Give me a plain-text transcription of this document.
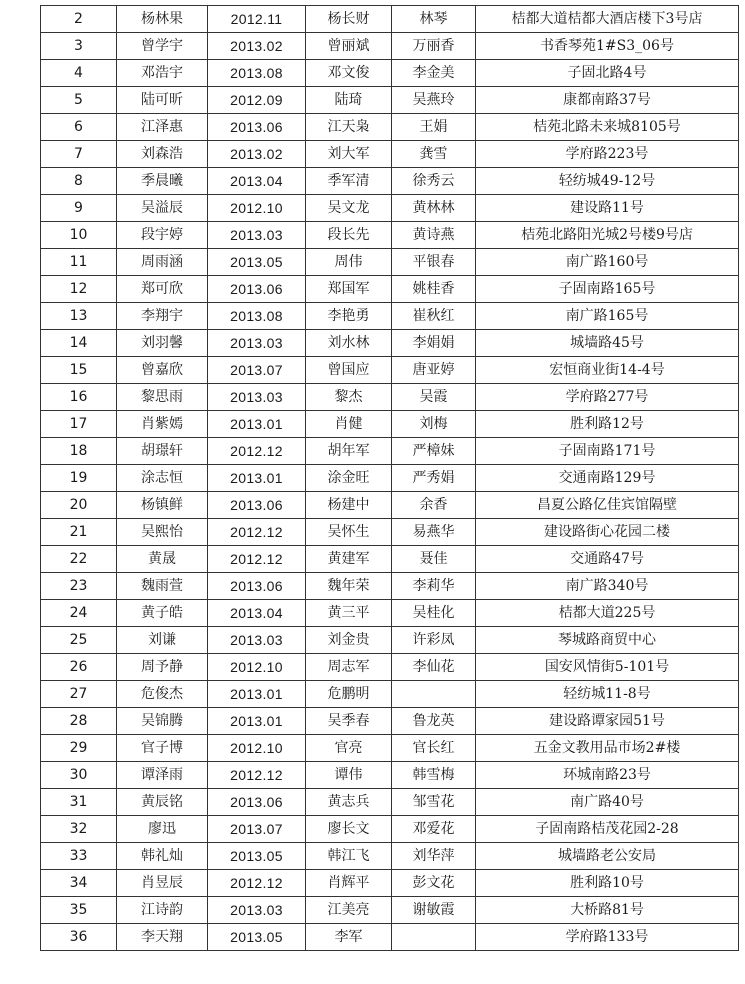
2	杨林果	2012.11	杨长财	林琴	桔都大道桔都大酒店楼下3号店
3	曾学宇	2013.02	曾丽斌	万丽香	书香琴苑1#S3_06号
4	邓浩宇	2013.08	邓文俊	李金美	子固北路4号
5	陆可昕	2012.09	陆琦	吴燕玲	康都南路37号
6	江泽惠	2013.06	江天枭	王娟	桔苑北路未来城8105号
7	刘森浩	2013.02	刘大军	龚雪	学府路223号
8	季晨曦	2013.04	季军清	徐秀云	轻纺城49-12号
9	吴溢辰	2012.10	吴文龙	黄林林	建设路11号
10	段宇婷	2013.03	段长先	黄诗燕	桔苑北路阳光城2号楼9号店
11	周雨涵	2013.05	周伟	平银春	南广路160号
12	郑可欣	2013.06	郑国军	姚桂香	子固南路165号
13	李翔宇	2013.08	李艳勇	崔秋红	南广路165号
14	刘羽馨	2013.03	刘水林	李娟娟	城墙路45号
15	曾嘉欣	2013.07	曾国应	唐亚婷	宏恒商业街14-4号
16	黎思雨	2013.03	黎杰	吴霞	学府路277号
17	肖紫嫣	2013.01	肖健	刘梅	胜利路12号
18	胡璟轩	2012.12	胡年军	严樟妹	子固南路171号
19	涂志恒	2013.01	涂金旺	严秀娟	交通南路129号
20	杨镇鲜	2013.06	杨建中	余香	昌夏公路亿佳宾馆隔壁
21	吴熙怡	2012.12	吴怀生	易燕华	建设路街心花园二楼
22	黄晟	2012.12	黄建军	聂佳	交通路47号
23	魏雨萱	2013.06	魏年荣	李莉华	南广路340号
24	黄子皓	2013.04	黄三平	吴桂化	桔都大道225号
25	刘谦	2013.03	刘金贵	许彩凤	琴城路商贸中心
26	周予静	2012.10	周志军	李仙花	国安风情街5-101号
27	危俊杰	2013.01	危鹏明		轻纺城11-8号
28	吴锦腾	2013.01	吴季春	鲁龙英	建设路谭家园51号
29	官子博	2012.10	官亮	官长红	五金文教用品市场2#楼
30	谭泽雨	2012.12	谭伟	韩雪梅	环城南路23号
31	黄辰铭	2013.06	黄志兵	邹雪花	南广路40号
32	廖迅	2013.07	廖长文	邓爱花	子固南路桔茂花园2-28
33	韩礼灿	2013.05	韩江飞	刘华萍	城墙路老公安局
34	肖昱辰	2012.12	肖辉平	彭文花	胜利路10号
35	江诗韵	2013.03	江美亮	谢敏霞	大桥路81号
36	李天翔	2013.05	李军		学府路133号
